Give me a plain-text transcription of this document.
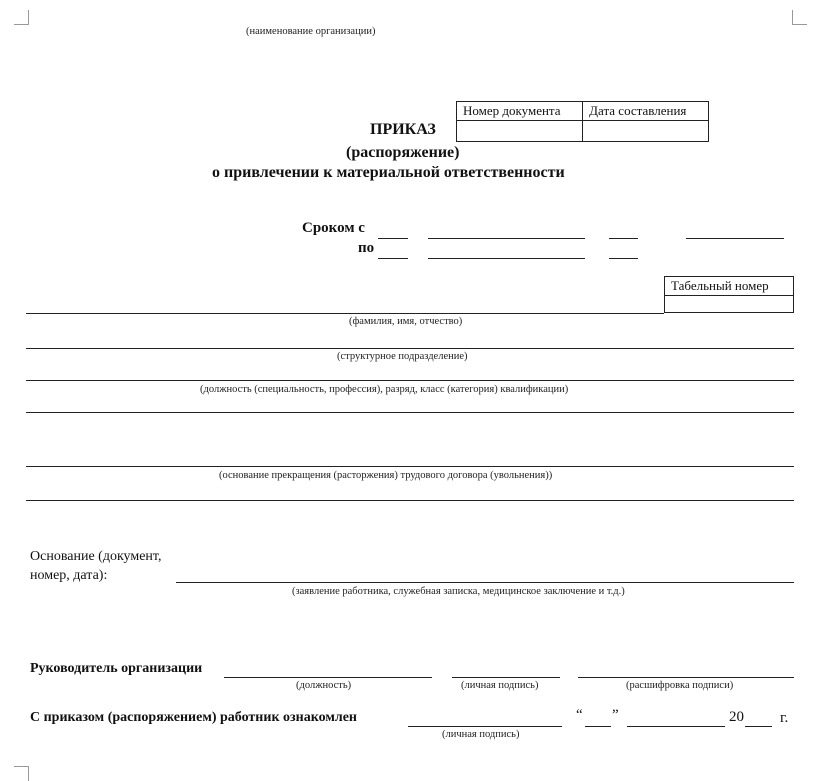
(наименование организации)
Номер документа	Дата составления

ПРИКАЗ
(распоряжение)
о привлечении к материальной ответственности
Сроком с
по
Табельный номер

(фамилия, имя, отчество)
(структурное подразделение)
(должность (специальность, профессия), разряд, класс (категория) квалификации)
(основание прекращения (расторжения) трудового договора (увольнения))
Основание (документ,
номер, дата):
(заявление работника, служебная записка, медицинское заключение и т.д.)
Руководитель организации
(должность)	(личная подпись)	(расшифровка подписи)
С приказом (распоряжением) работник ознакомлен
(личная подпись)
“ ”	20 г.
